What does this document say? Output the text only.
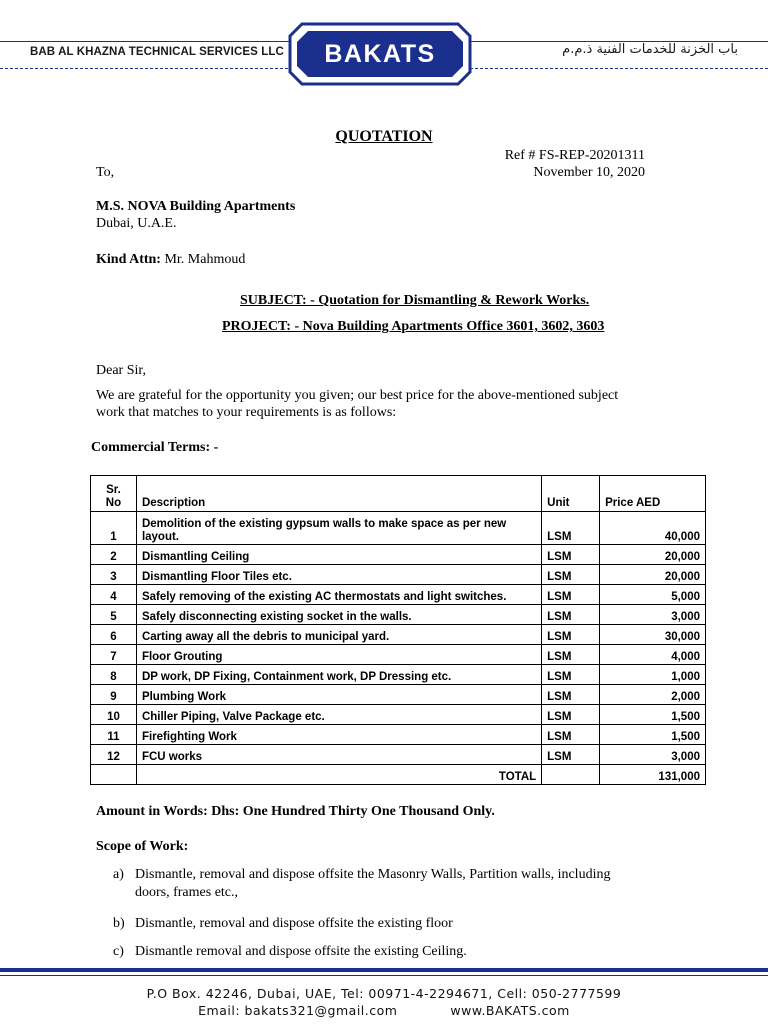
BAB AL KHAZNA TECHNICAL SERVICES LLC	باب الخزنة للخدمات الفنية ذ.م.م
BAKATS
QUOTATION
Ref # FS-REP-20201311
To,	November 10, 2020
M.S. NOVA Building Apartments
Dubai, U.A.E.
Kind Attn: Mr. Mahmoud
SUBJECT: - Quotation for Dismantling & Rework Works.
PROJECT: - Nova Building Apartments Office 3601, 3602, 3603
Dear Sir,
We are grateful for the opportunity you given; our best price for the above-mentioned subject
work that matches to your requirements is as follows:
Commercial Terms: -
Sr.
No	Description	Unit	Price AED
1	Demolition of the existing gypsum walls to make space as per new
layout.	LSM	40,000
2	Dismantling Ceiling	LSM	20,000
3	Dismantling Floor Tiles etc.	LSM	20,000
4	Safely removing of the existing AC thermostats and light switches.	LSM	5,000
5	Safely disconnecting existing socket in the walls.	LSM	3,000
6	Carting away all the debris to municipal yard.	LSM	30,000
7	Floor Grouting	LSM	4,000
8	DP work, DP Fixing, Containment work, DP Dressing etc.	LSM	1,000
9	Plumbing Work	LSM	2,000
10	Chiller Piping, Valve Package etc.	LSM	1,500
11	Firefighting Work	LSM	1,500
12	FCU works	LSM	3,000
	TOTAL		131,000
Amount in Words: Dhs: One Hundred Thirty One Thousand Only.
Scope of Work:
a) Dismantle, removal and dispose offsite the Masonry Walls, Partition walls, including
doors, frames etc.,
b) Dismantle, removal and dispose offsite the existing floor
c) Dismantle removal and dispose offsite the existing Ceiling.
P.O Box. 42246, Dubai, UAE, Tel: 00971-4-2294671, Cell: 050-2777599
Email: bakats321@gmail.com	www.BAKATS.com
